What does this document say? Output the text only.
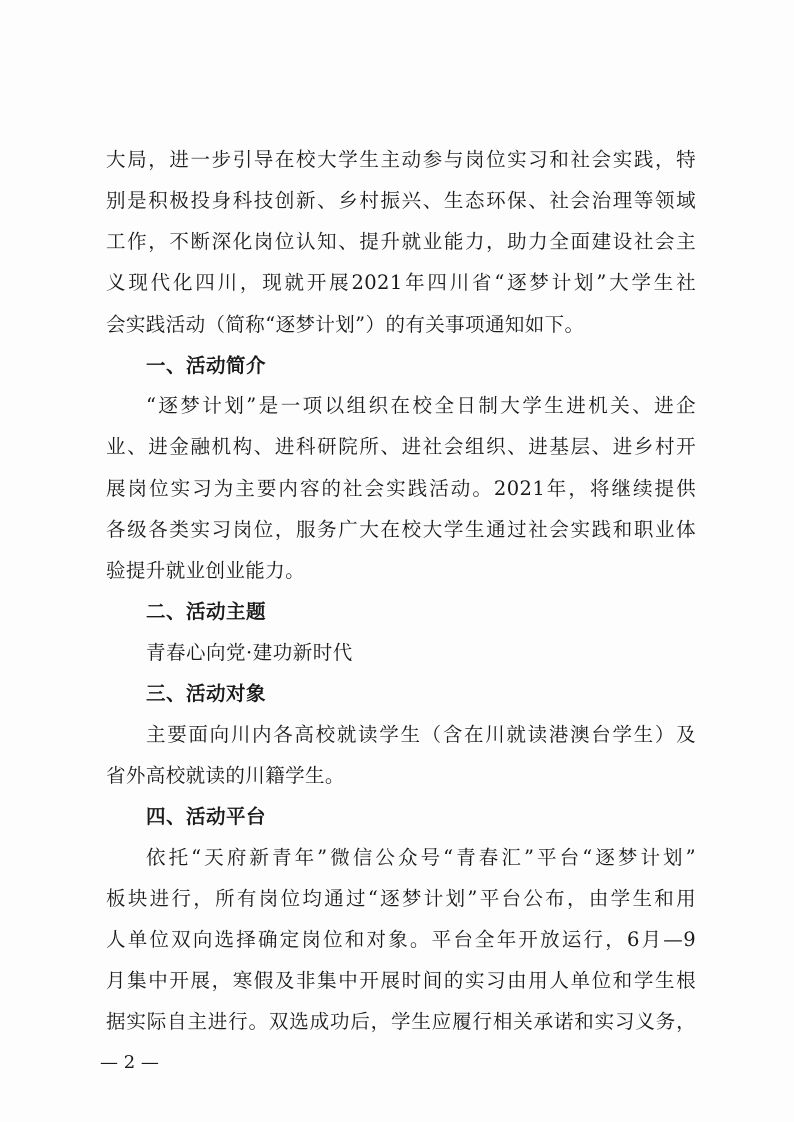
大局，进一步引导在校大学生主动参与岗位实习和社会实践，特
别是积极投身科技创新、乡村振兴、生态环保、社会治理等领域
工作，不断深化岗位认知、提升就业能力，助力全面建设社会主
义现代化四川，现就开展2021年四川省“逐梦计划”大学生社
会实践活动（简称“逐梦计划”）的有关事项通知如下。
一、活动简介
“逐梦计划”是一项以组织在校全日制大学生进机关、进企
业、进金融机构、进科研院所、进社会组织、进基层、进乡村开
展岗位实习为主要内容的社会实践活动。2021年，将继续提供
各级各类实习岗位，服务广大在校大学生通过社会实践和职业体
验提升就业创业能力。
二、活动主题
青春心向党·建功新时代
三、活动对象
主要面向川内各高校就读学生（含在川就读港澳台学生）及
省外高校就读的川籍学生。
四、活动平台
依托“天府新青年”微信公众号“青春汇”平台“逐梦计划”
板块进行，所有岗位均通过“逐梦计划”平台公布，由学生和用
人单位双向选择确定岗位和对象。平台全年开放运行，6月—9
月集中开展，寒假及非集中开展时间的实习由用人单位和学生根
据实际自主进行。双选成功后，学生应履行相关承诺和实习义务，
— 2 —
